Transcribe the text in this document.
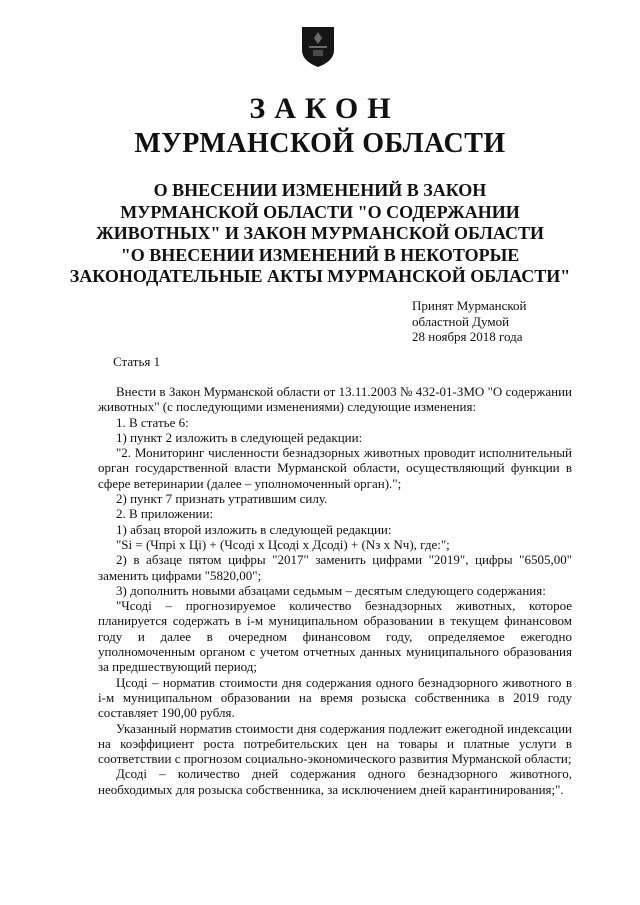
ЗАКОН
МУРМАНСКОЙ ОБЛАСТИ
О ВНЕСЕНИИ ИЗМЕНЕНИЙ В ЗАКОН
МУРМАНСКОЙ ОБЛАСТИ "О СОДЕРЖАНИИ
ЖИВОТНЫХ" И ЗАКОН МУРМАНСКОЙ ОБЛАСТИ
"О ВНЕСЕНИИ ИЗМЕНЕНИЙ В НЕКОТОРЫЕ
ЗАКОНОДАТЕЛЬНЫЕ АКТЫ МУРМАНСКОЙ ОБЛАСТИ"
Принят Мурманской
областной Думой
28 ноября 2018 года
Статья 1

Внести в Закон Мурманской области от 13.11.2003 № 432-01-ЗМО "О содержании животных" (с последующими изменениями) следующие изменения:

1. В статье 6:

1) пункт 2 изложить в следующей редакции:

"2. Мониторинг численности безнадзорных животных проводит исполнительный орган государственной власти Мурманской области, осуществляющий функции в сфере ветеринарии (далее – уполномоченный орган).";

2) пункт 7 признать утратившим силу.

2. В приложении:

1) абзац второй изложить в следующей редакции:

"Si = (Чпрi x Цi) + (Чсодi x Цсодi x Дсодi) + (Nз x Nч), где:";

2) в абзаце пятом цифры "2017" заменить цифрами "2019", цифры "6505,00" заменить цифрами "5820,00";

3) дополнить новыми абзацами седьмым – десятым следующего содержания:

"Чсодi – прогнозируемое количество безнадзорных животных, которое планируется содержать в i-м муниципальном образовании в текущем финансовом году и далее в очередном финансовом году, определяемое ежегодно уполномоченным органом с учетом отчетных данных муниципального образования за предшествующий период;

Цсодi – норматив стоимости дня содержания одного безнадзорного животного в i-м муниципальном образовании на время розыска собственника в 2019 году составляет 190,00 рубля.

Указанный норматив стоимости дня содержания подлежит ежегодной индексации на коэффициент роста потребительских цен на товары и платные услуги в соответствии с прогнозом социально-экономического развития Мурманской области;

Дсодi – количество дней содержания одного безнадзорного животного, необходимых для розыска собственника, за исключением дней карантинирования;".
